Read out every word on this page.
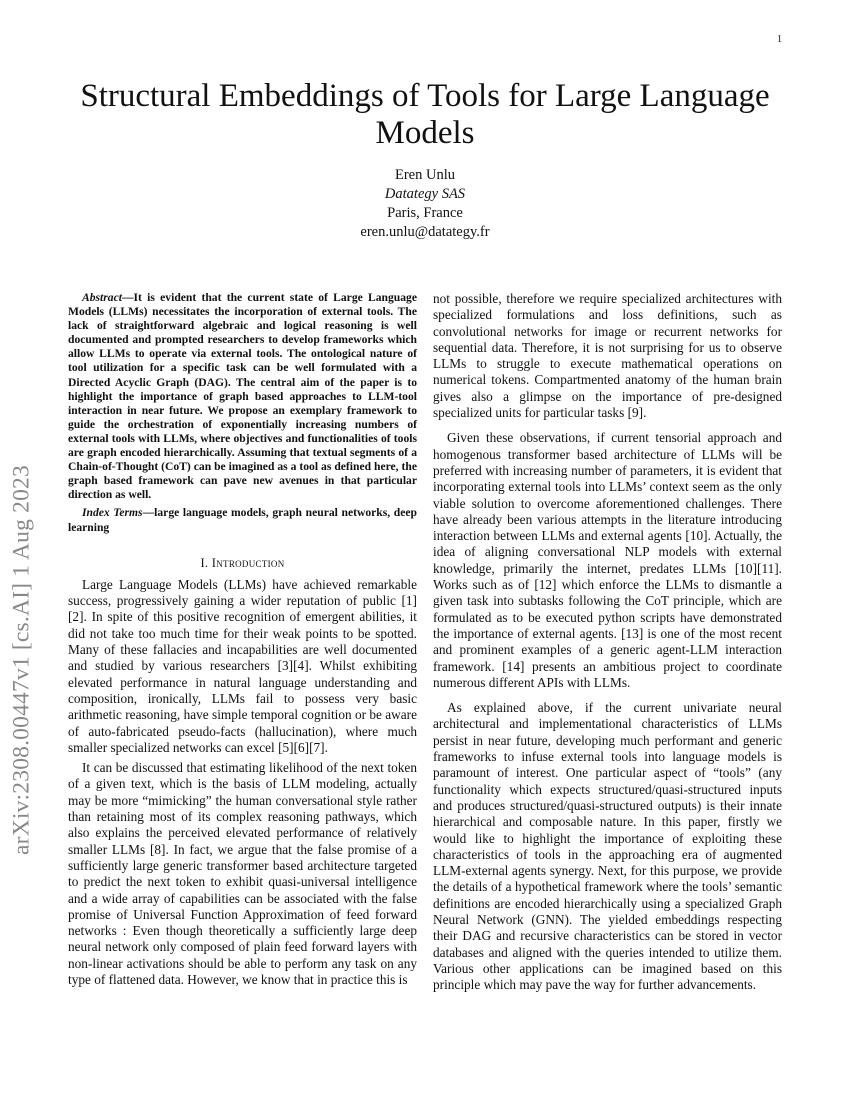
1
arXiv:2308.00447v1 [cs.AI] 1 Aug 2023
Structural Embeddings of Tools for Large Language Models
Eren Unlu
Datategy SAS
Paris, France
eren.unlu@datategy.fr
Abstract—It is evident that the current state of Large Language Models (LLMs) necessitates the incorporation of external tools. The lack of straightforward algebraic and logical reasoning is well documented and prompted researchers to develop frameworks which allow LLMs to operate via external tools. The ontological nature of tool utilization for a specific task can be well formulated with a Directed Acyclic Graph (DAG). The central aim of the paper is to highlight the importance of graph based approaches to LLM-tool interaction in near future. We propose an exemplary framework to guide the orchestration of exponentially increasing numbers of external tools with LLMs, where objectives and functionalities of tools are graph encoded hierarchically. Assuming that textual segments of a Chain-of-Thought (CoT) can be imagined as a tool as defined here, the graph based framework can pave new avenues in that particular direction as well.
Index Terms—large language models, graph neural networks, deep learning
I. Introduction

Large Language Models (LLMs) have achieved remarkable success, progressively gaining a wider reputation of public [1][2]. In spite of this positive recognition of emergent abilities, it did not take too much time for their weak points to be spotted. Many of these fallacies and incapabilities are well documented and studied by various researchers [3][4]. Whilst exhibiting elevated performance in natural language understanding and composition, ironically, LLMs fail to possess very basic arithmetic reasoning, have simple temporal cognition or be aware of auto-fabricated pseudo-facts (hallucination), where much smaller specialized networks can excel [5][6][7].

It can be discussed that estimating likelihood of the next token of a given text, which is the basis of LLM modeling, actually may be more “mimicking” the human conversational style rather than retaining most of its complex reasoning pathways, which also explains the perceived elevated performance of relatively smaller LLMs [8]. In fact, we argue that the false promise of a sufficiently large generic transformer based architecture targeted to predict the next token to exhibit quasi-universal intelligence and a wide array of capabilities can be associated with the false promise of Universal Function Approximation of feed forward networks : Even though theoretically a sufficiently large deep neural network only composed of plain feed forward layers with non-linear activations should be able to perform any task on any type of flattened data. However, we know that in practice this is

not possible, therefore we require specialized architectures with specialized formulations and loss definitions, such as convolutional networks for image or recurrent networks for sequential data. Therefore, it is not surprising for us to observe LLMs to struggle to execute mathematical operations on numerical tokens. Compartmented anatomy of the human brain gives also a glimpse on the importance of pre-designed specialized units for particular tasks [9].

Given these observations, if current tensorial approach and homogenous transformer based architecture of LLMs will be preferred with increasing number of parameters, it is evident that incorporating external tools into LLMs’ context seem as the only viable solution to overcome aforementioned challenges. There have already been various attempts in the literature introducing interaction between LLMs and external agents [10]. Actually, the idea of aligning conversational NLP models with external knowledge, primarily the internet, predates LLMs [10][11]. Works such as of [12] which enforce the LLMs to dismantle a given task into subtasks following the CoT principle, which are formulated as to be executed python scripts have demonstrated the importance of external agents. [13] is one of the most recent and prominent examples of a generic agent-LLM interaction framework. [14] presents an ambitious project to coordinate numerous different APIs with LLMs.

As explained above, if the current univariate neural architectural and implementational characteristics of LLMs persist in near future, developing much performant and generic frameworks to infuse external tools into language models is paramount of interest. One particular aspect of “tools” (any functionality which expects structured/quasi-structured inputs and produces structured/quasi-structured outputs) is their innate hierarchical and composable nature. In this paper, firstly we would like to highlight the importance of exploiting these characteristics of tools in the approaching era of augmented LLM-external agents synergy. Next, for this purpose, we provide the details of a hypothetical framework where the tools’ semantic definitions are encoded hierarchically using a specialized Graph Neural Network (GNN). The yielded embeddings respecting their DAG and recursive characteristics can be stored in vector databases and aligned with the queries intended to utilize them. Various other applications can be imagined based on this principle which may pave the way for further advancements.
